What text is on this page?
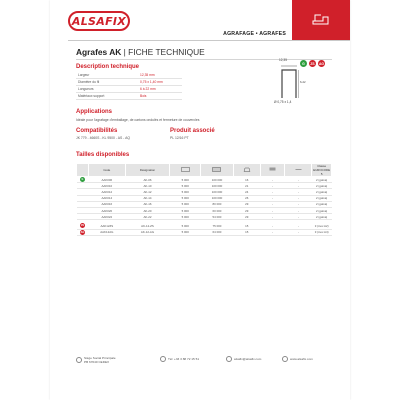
ALSAFIX
AGRAFAGE • AGRAFES
Agrafes AK | FICHE TECHNIQUE
Description technique
Largeur	12,35 mm
Diamètre du fil	0,75 x 1,40 mm
Longueurs	6 à 22 mm
Matériaux support	Bois
12,35
6-22
Ø 0,75 x 1,4
G	ZS	AG
Applications
Idéale pour l'agrafage d'emballage, de cartons ondulés et fermeture de couvercles
Compatibilités
JK 779 - 4660S - KL 9500 - AS - AQ
Produit associé
PL 12/16 PT
Tailles disponibles
	Code	Désignation						Classe EUROCODE 5
G	AAK006	AK-06	5 000	100 000	16	-	-	2 (galva)
	AAK010	AK-10	5 000	100 000	21	-	-	2 (galva)
	AAK012	AK-12	5 000	100 000	24	-	-	2 (galva)
	AAK014	AK-14	5 000	100 000	26	-	-	2 (galva)
	AAK016	AK-16	5 000	80 000	29	-	-	2 (galva)
	AAK020	AK-20	5 000	60 000	29	-	-	2 (galva)
	AAK022	AK-22	5 000	54 000	29	-	-	2 (galva)

ZS	AAK12ZS	AK-12-ZS	5 000	75 000	15	-	-	3 (inox A2)
AG	AAK12AG	AK-12-AG	5 000	64 000	15	-	-	3 (inox A4)
Siège Social Principale
PB 67040 CEDEX
Tél: +33 3 88 72 15 51	alsafix@alsafix.com	www.alsafix.com
